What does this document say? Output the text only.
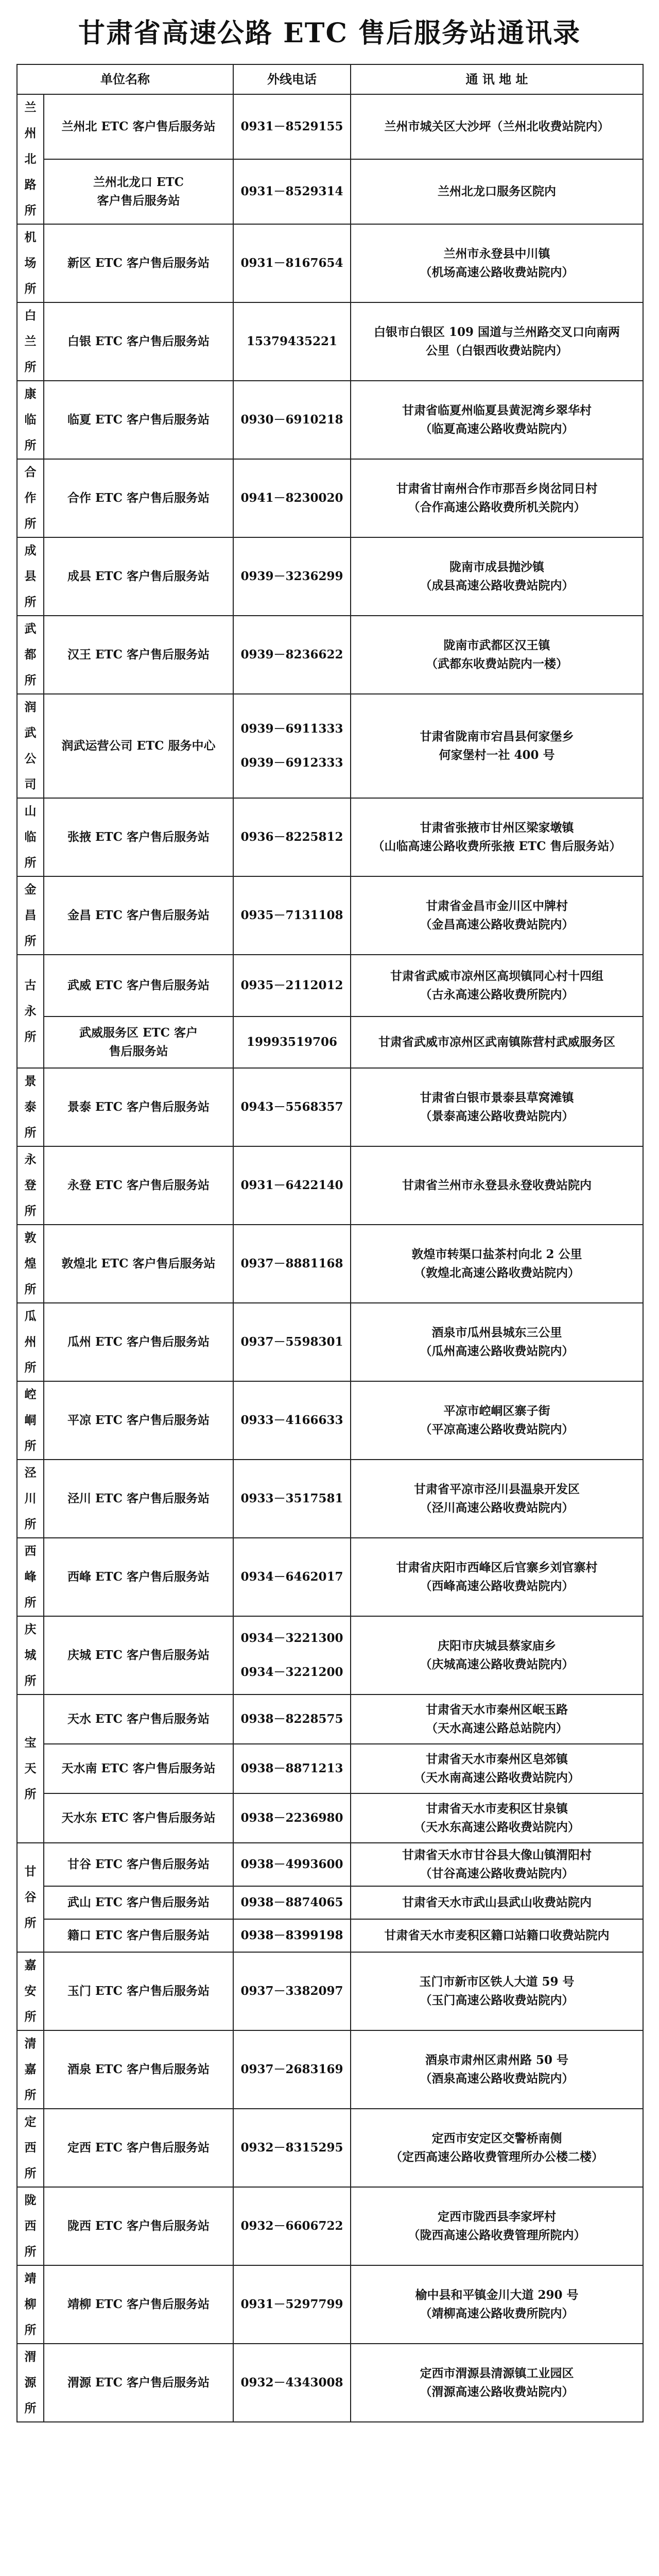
甘肃省高速公路 ETC 售后服务站通讯录
单位名称		外线电话	通 讯 地 址

兰州北路所	兰州北 ETC 客户售后服务站	0931－8529155	兰州市城关区大沙坪（兰州北收费站院内）

	兰州北龙口 ETC
客户售后服务站	0931－8529314	兰州北龙口服务区院内

机场所	新区 ETC 客户售后服务站	0931－8167654	兰州市永登县中川镇
（机场高速公路收费站院内）

白兰所	白银 ETC 客户售后服务站	15379435221	白银市白银区 109 国道与兰州路交叉口向南两
公里（白银西收费站院内）

康临所	临夏 ETC 客户售后服务站	0930－6910218	甘肃省临夏州临夏县黄泥湾乡翠华村
（临夏高速公路收费站院内）

合作所	合作 ETC 客户售后服务站	0941－8230020	甘肃省甘南州合作市那吾乡岗岔同日村
（合作高速公路收费所机关院内）

成县所	成县 ETC 客户售后服务站	0939－3236299	陇南市成县抛沙镇
（成县高速公路收费站院内）

武都所	汉王 ETC 客户售后服务站	0939－8236622	陇南市武都区汉王镇
（武都东收费站院内一楼）

润武公司	润武运营公司 ETC 服务中心	0939－6911333
0939－6912333	甘肃省陇南市宕昌县何家堡乡
何家堡村一社 400 号

山临所	张掖 ETC 客户售后服务站	0936－8225812	甘肃省张掖市甘州区梁家墩镇
（山临高速公路收费所张掖 ETC 售后服务站）

金昌所	金昌 ETC 客户售后服务站	0935－7131108	甘肃省金昌市金川区中牌村
（金昌高速公路收费站院内）

古永所	武威 ETC 客户售后服务站	0935－2112012	甘肃省武威市凉州区高坝镇同心村十四组
（古永高速公路收费所院内）

	武威服务区 ETC 客户
售后服务站	19993519706	甘肃省武威市凉州区武南镇陈营村武威服务区

景泰所	景泰 ETC 客户售后服务站	0943－5568357	甘肃省白银市景泰县草窝滩镇
（景泰高速公路收费站院内）

永登所	永登 ETC 客户售后服务站	0931－6422140	甘肃省兰州市永登县永登收费站院内

敦煌所	敦煌北 ETC 客户售后服务站	0937－8881168	敦煌市转渠口盐茶村向北 2 公里
（敦煌北高速公路收费站院内）

瓜州所	瓜州 ETC 客户售后服务站	0937－5598301	酒泉市瓜州县城东三公里
（瓜州高速公路收费站院内）

崆峒所	平凉 ETC 客户售后服务站	0933－4166633	平凉市崆峒区寨子街
（平凉高速公路收费站院内）

泾川所	泾川 ETC 客户售后服务站	0933－3517581	甘肃省平凉市泾川县温泉开发区
（泾川高速公路收费站院内）

西峰所	西峰 ETC 客户售后服务站	0934－6462017	甘肃省庆阳市西峰区后官寨乡刘官寨村
（西峰高速公路收费站院内）

庆城所	庆城 ETC 客户售后服务站	0934－3221300
0934－3221200	庆阳市庆城县蔡家庙乡
（庆城高速公路收费站院内）

宝天所	天水 ETC 客户售后服务站	0938－8228575	甘肃省天水市秦州区岷玉路
（天水高速公路总站院内）

	天水南 ETC 客户售后服务站	0938－8871213	甘肃省天水市秦州区皂郊镇
（天水南高速公路收费站院内）

	天水东 ETC 客户售后服务站	0938－2236980	甘肃省天水市麦积区甘泉镇
（天水东高速公路收费站院内）

甘谷所	甘谷 ETC 客户售后服务站	0938－4993600	甘肃省天水市甘谷县大像山镇渭阳村
（甘谷高速公路收费站院内）

	武山 ETC 客户售后服务站	0938－8874065	甘肃省天水市武山县武山收费站院内

	籍口 ETC 客户售后服务站	0938－8399198	甘肃省天水市麦积区籍口站籍口收费站院内

嘉安所	玉门 ETC 客户售后服务站	0937－3382097	玉门市新市区铁人大道 59 号
（玉门高速公路收费站院内）

清嘉所	酒泉 ETC 客户售后服务站	0937－2683169	酒泉市肃州区肃州路 50 号
（酒泉高速公路收费站院内）

定西所	定西 ETC 客户售后服务站	0932－8315295	定西市安定区交警桥南侧
（定西高速公路收费管理所办公楼二楼）

陇西所	陇西 ETC 客户售后服务站	0932－6606722	定西市陇西县李家坪村
（陇西高速公路收费管理所院内）

靖柳所	靖柳 ETC 客户售后服务站	0931－5297799	榆中县和平镇金川大道 290 号
（靖柳高速公路收费所院内）

渭源所	渭源 ETC 客户售后服务站	0932－4343008	定西市渭源县清源镇工业园区
（渭源高速公路收费站院内）
